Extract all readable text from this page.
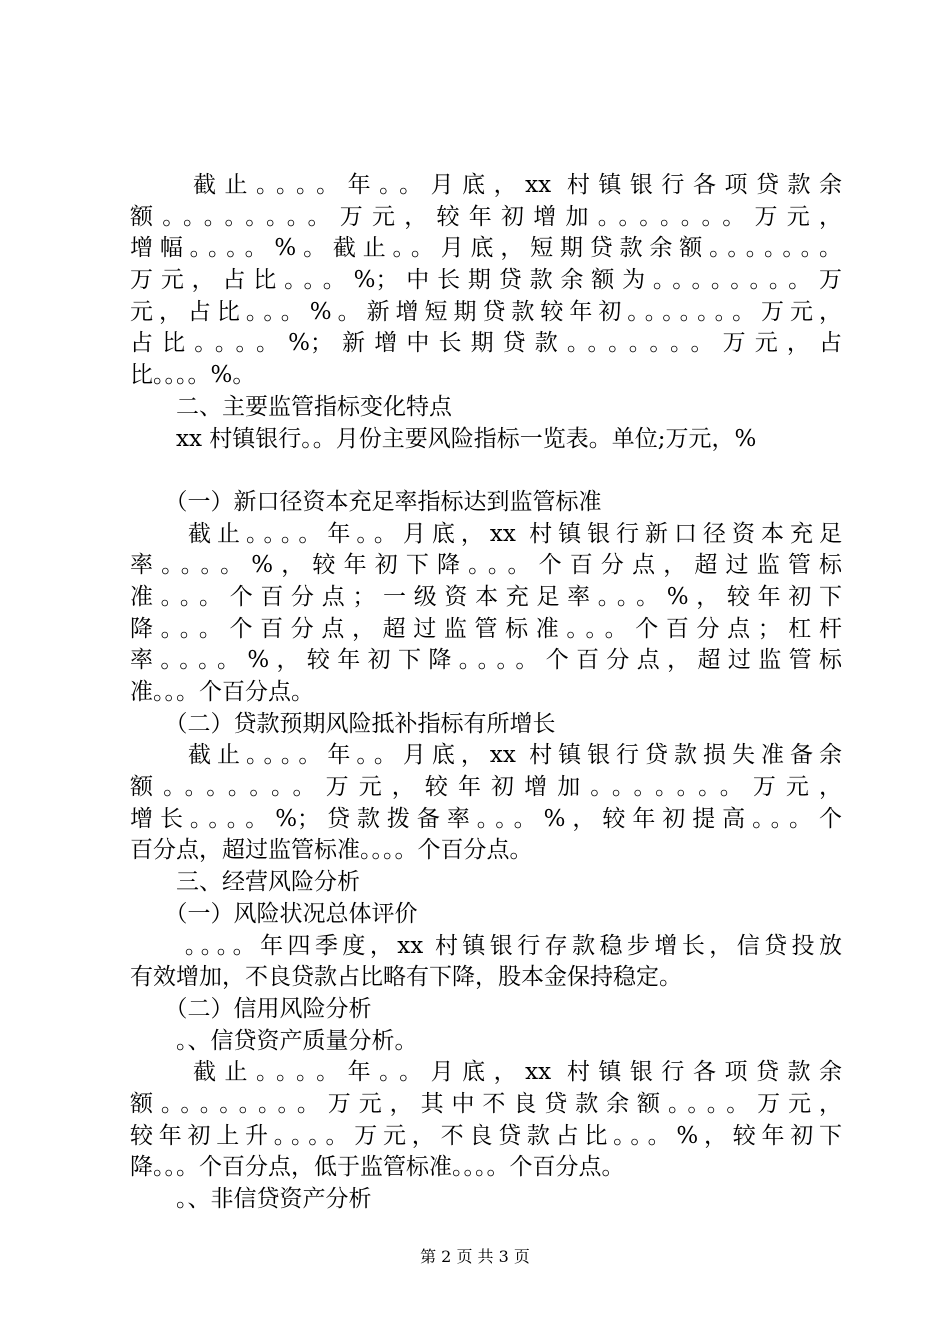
　　截止。。。。年。。月底，xx 村镇银行各项贷款余
额。。。。。。。。万元，较年初增加。。。。。。。万元，
增幅。。。。%。截止。。月底，短期贷款余额。。。。。。。
万元，占比。。。%；中长期贷款余额为。。。。。。。。万
元，占比。。。%。新增短期贷款较年初。。。。。。。万元，
占比。。。。%；新增中长期贷款。。。。。。。万元，占
比。。。。%。
　　二、主要监管指标变化特点
　　xx 村镇银行。。月份主要风险指标一览表。单位;万元，%
　　（一）新口径资本充足率指标达到监管标准
　　截止。。。。年。。月底，xx 村镇银行新口径资本充足
率。。。。%，较年初下降。。。个百分点，超过监管标
准。。。个百分点；一级资本充足率。。。%，较年初下
降。。。个百分点，超过监管标准。。。个百分点；杠杆
率。。。。%，较年初下降。。。。个百分点，超过监管标
准。。。个百分点。
　　（二）贷款预期风险抵补指标有所增长
　　截止。。。。年。。月底，xx 村镇银行贷款损失准备余
额。。。。。。。万元，较年初增加。。。。。。。万元，
增长。。。。%；贷款拨备率。。。%，较年初提高。。。个
百分点，超过监管标准。。。。个百分点。
　　三、经营风险分析
　　（一）风险状况总体评价
　　。。。。年四季度，xx 村镇银行存款稳步增长，信贷投放
有效增加，不良贷款占比略有下降，股本金保持稳定。
　　（二）信用风险分析
　　。、信贷资产质量分析。
　　截止。。。。年。。月底，xx 村镇银行各项贷款余
额。。。。。。。。万元，其中不良贷款余额。。。。万元，
较年初上升。。。。万元，不良贷款占比。。。%，较年初下
降。。。个百分点，低于监管标准。。。。个百分点。
　　。、非信贷资产分析
第 2 页 共 3 页
